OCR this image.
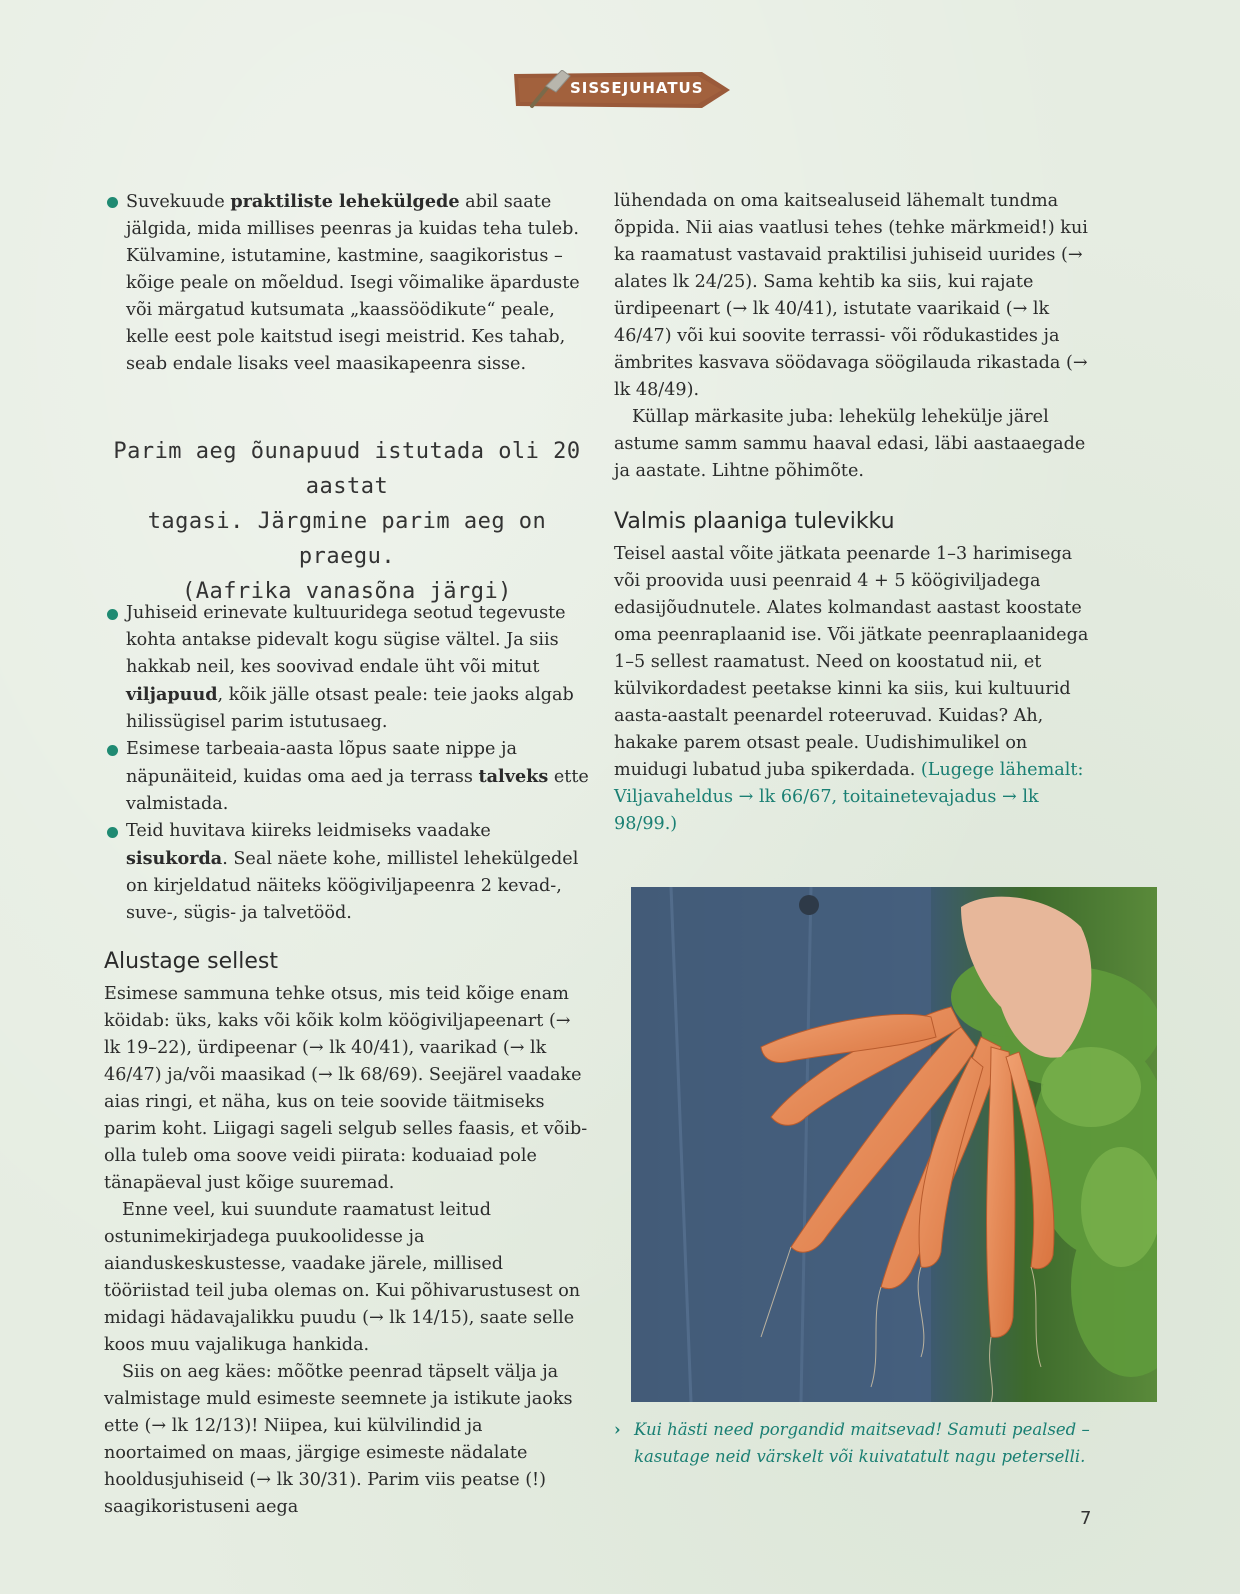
SISSEJUHATUS
Suvekuude praktiliste lehekülgede abil saate jälgida, mida millises peenras ja kuidas teha tuleb. Külvamine, istutamine, kastmine, saagikoristus – kõige peale on mõeldud. Isegi võimalike äparduste või märgatud kutsumata „kaassöödikute“ peale, kelle eest pole kaitstud isegi meistrid. Kes tahab, seab endale lisaks veel maasikapeenra sisse.
Parim aeg õunapuud istutada oli 20 aastat
tagasi. Järgmine parim aeg on praegu.
(Aafrika vanasõna järgi)
Juhiseid erinevate kultuuridega seotud tegevuste kohta antakse pidevalt kogu sügise vältel. Ja siis hakkab neil, kes soovivad endale üht või mitut viljapuud, kõik jälle otsast peale: teie jaoks algab hilissügisel parim istutusaeg.
Esimese tarbeaia-aasta lõpus saate nippe ja näpunäiteid, kuidas oma aed ja terrass talveks ette valmistada.
Teid huvitava kiireks leidmiseks vaadake sisukorda. Seal näete kohe, millistel lehekülgedel on kirjeldatud näiteks köögiviljapeenra 2 kevad-, suve-, sügis- ja talvetööd.
Alustage sellest

Esimese sammuna tehke otsus, mis teid kõige enam köidab: üks, kaks või kõik kolm köögiviljapeenart (→ lk 19–22), ürdipeenar (→ lk 40/41), vaarikad (→ lk 46/47) ja/või maasikad (→ lk 68/69). Seejärel vaadake aias ringi, et näha, kus on teie soovide täitmiseks parim koht. Liigagi sageli selgub selles faasis, et võib-olla tuleb oma soove veidi piirata: koduaiad pole tänapäeval just kõige suuremad.

Enne veel, kui suundute raamatust leitud ostunimekirjadega puukoolidesse ja aianduskeskustesse, vaadake järele, millised tööriistad teil juba olemas on. Kui põhivarustusest on midagi hädavajalikku puudu (→ lk 14/15), saate selle koos muu vajalikuga hankida.

Siis on aeg käes: mõõtke peenrad täpselt välja ja valmistage muld esimeste seemnete ja istikute jaoks ette (→ lk 12/13)! Niipea, kui külvilindid ja noortaimed on maas, järgige esimeste nädalate hooldusjuhiseid (→ lk 30/31). Parim viis peatse (!) saagikoristuseni aega

lühendada on oma kaitsealuseid lähemalt tundma õppida. Nii aias vaatlusi tehes (tehke märkmeid!) kui ka raamatust vastavaid praktilisi juhiseid uurides (→ alates lk 24/25). Sama kehtib ka siis, kui rajate ürdipeenart (→ lk 40/41), istutate vaarikaid (→ lk 46/47) või kui soovite terrassi- või rõdukastides ja ämbrites kasvava söödavaga söögilauda rikastada (→ lk 48/49).

Küllap märkasite juba: lehekülg lehekülje järel astume samm sammu haaval edasi, läbi aastaaegade ja aastate. Lihtne põhimõte.

Valmis plaaniga tulevikku

Teisel aastal võite jätkata peenarde 1–3 harimisega või proovida uusi peenraid 4 + 5 köögiviljadega edasijõudnutele. Alates kolmandast aastast koostate oma peenraplaanid ise. Või jätkate peenraplaanidega 1–5 sellest raamatust. Need on koostatud nii, et külvikordadest peetakse kinni ka siis, kui kultuurid aasta-aastalt peenardel roteeruvad. Kuidas? Ah, hakake parem otsast peale. Uudishimulikel on muidugi lubatud juba spikerdada. (Lugege lähemalt: Viljavaheldus → lk 66/67, toitainetevajadus → lk 98/99.)

› Kui hästi need porgandid maitsevad! Samuti pealsed – kasutage neid värskelt või kuivatatult nagu peterselli.
7
